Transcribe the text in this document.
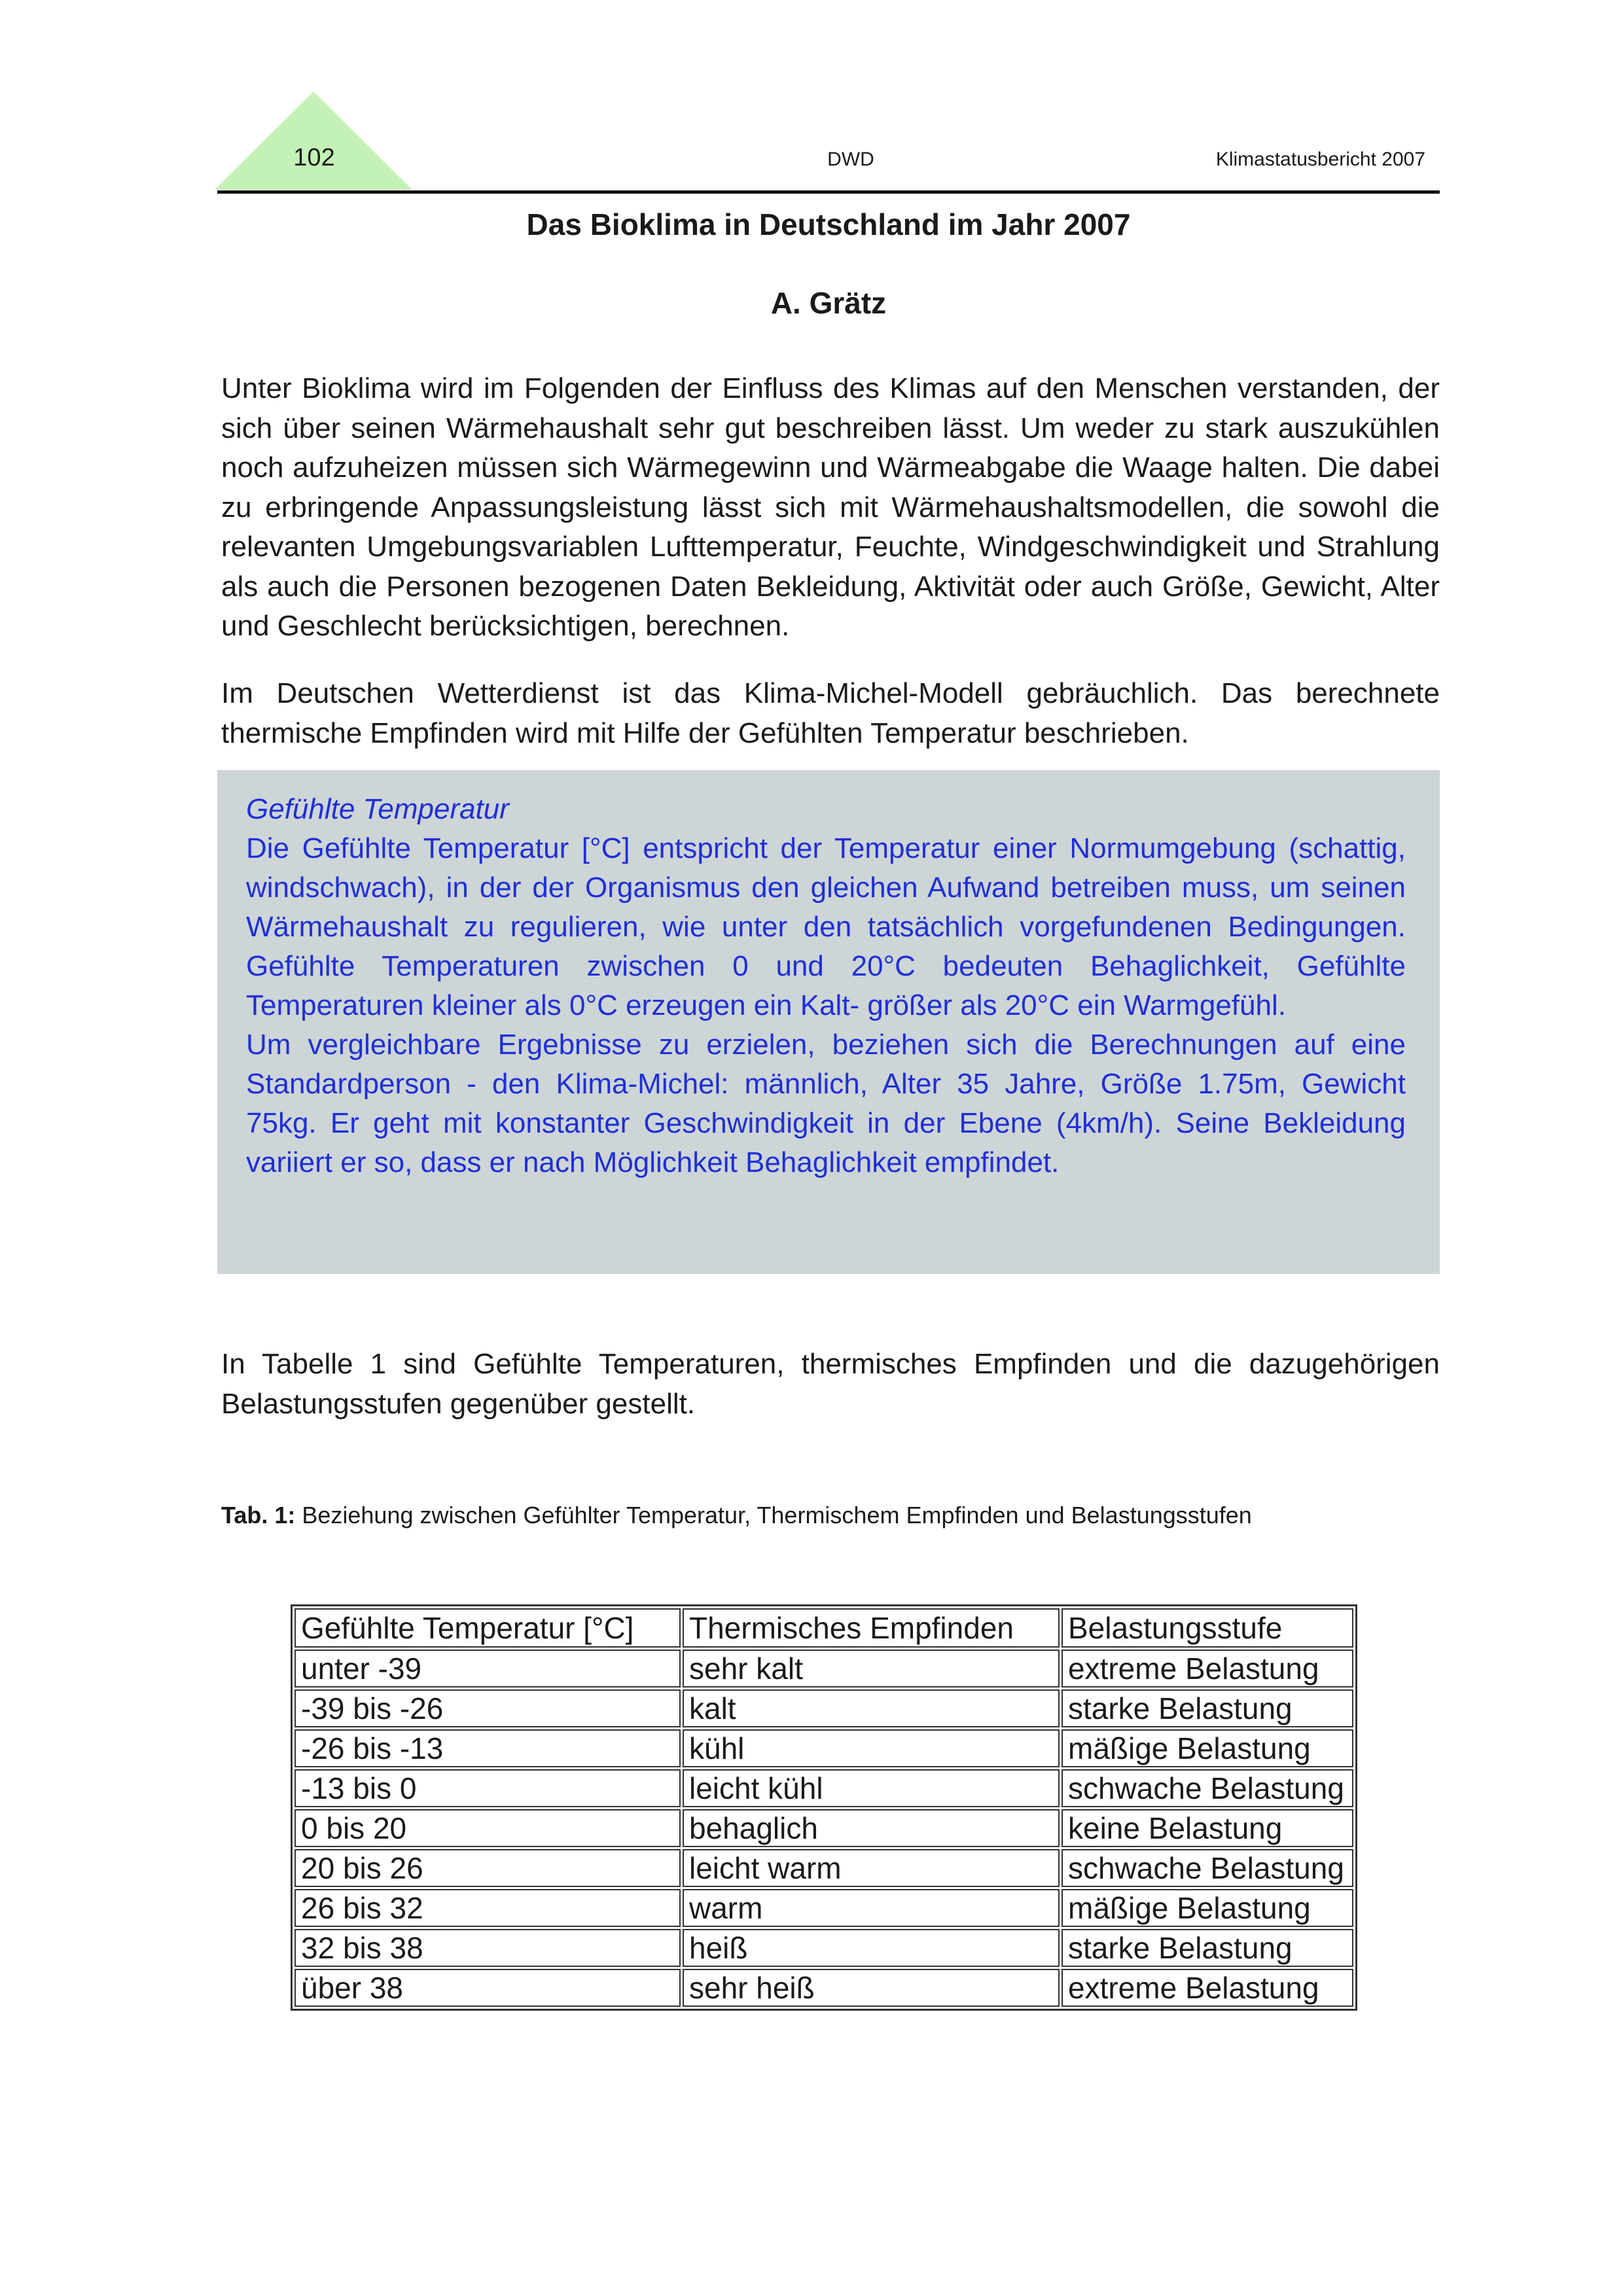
102	DWD	Klimastatusbericht 2007
Das Bioklima in Deutschland im Jahr 2007
A. Grätz

Unter Bioklima wird im Folgenden der Einfluss des Klimas auf den Menschen verstanden, der sich über seinen Wärmehaushalt sehr gut beschreiben lässt. Um weder zu stark auszukühlen noch aufzuheizen müssen sich Wärmegewinn und Wärmeabgabe die Waage halten. Die dabei zu erbringende Anpassungsleistung lässt sich mit Wärmehaushaltsmodellen, die sowohl die relevanten Umgebungsvariablen Lufttemperatur, Feuchte, Windgeschwindigkeit und Strahlung als auch die Personen bezogenen Daten Bekleidung, Aktivität oder auch Größe, Gewicht, Alter und Geschlecht berücksichtigen, berechnen.

Im Deutschen Wetterdienst ist das Klima-Michel-Modell gebräuchlich. Das berechnete thermische Empfinden wird mit Hilfe der Gefühlten Temperatur beschrieben.

Gefühlte Temperatur

Die Gefühlte Temperatur [°C] entspricht der Temperatur einer Normumgebung (schattig, windschwach), in der der Organismus den gleichen Aufwand betreiben muss, um seinen Wärmehaushalt zu regulieren, wie unter den tatsächlich vorgefundenen Bedingungen. Gefühlte Temperaturen zwischen 0 und 20°C bedeuten Behaglichkeit, Gefühlte Temperaturen kleiner als 0°C erzeugen ein Kalt- größer als 20°C ein Warmgefühl.

Um vergleichbare Ergebnisse zu erzielen, beziehen sich die Berechnungen auf eine Standardperson - den Klima-Michel: männlich, Alter 35 Jahre, Größe 1.75m, Gewicht 75kg. Er geht mit konstanter Geschwindigkeit in der Ebene (4km/h). Seine Bekleidung variiert er so, dass er nach Möglichkeit Behaglichkeit empfindet.

In Tabelle 1 sind Gefühlte Temperaturen, thermisches Empfinden und die dazugehörigen Belastungsstufen gegenüber gestellt.

Tab. 1: Beziehung zwischen Gefühlter Temperatur, Thermischem Empfinden und Belastungsstufen
Gefühlte Temperatur [°C]	Thermisches Empfinden	Belastungsstufe
unter -39	sehr kalt	extreme Belastung
-39 bis -26	kalt	starke Belastung
-26 bis -13	kühl	mäßige Belastung
-13 bis 0	leicht kühl	schwache Belastung
0 bis 20	behaglich	keine Belastung
20 bis 26	leicht warm	schwache Belastung
26 bis 32	warm	mäßige Belastung
32 bis 38	heiß	starke Belastung
über 38	sehr heiß	extreme Belastung
